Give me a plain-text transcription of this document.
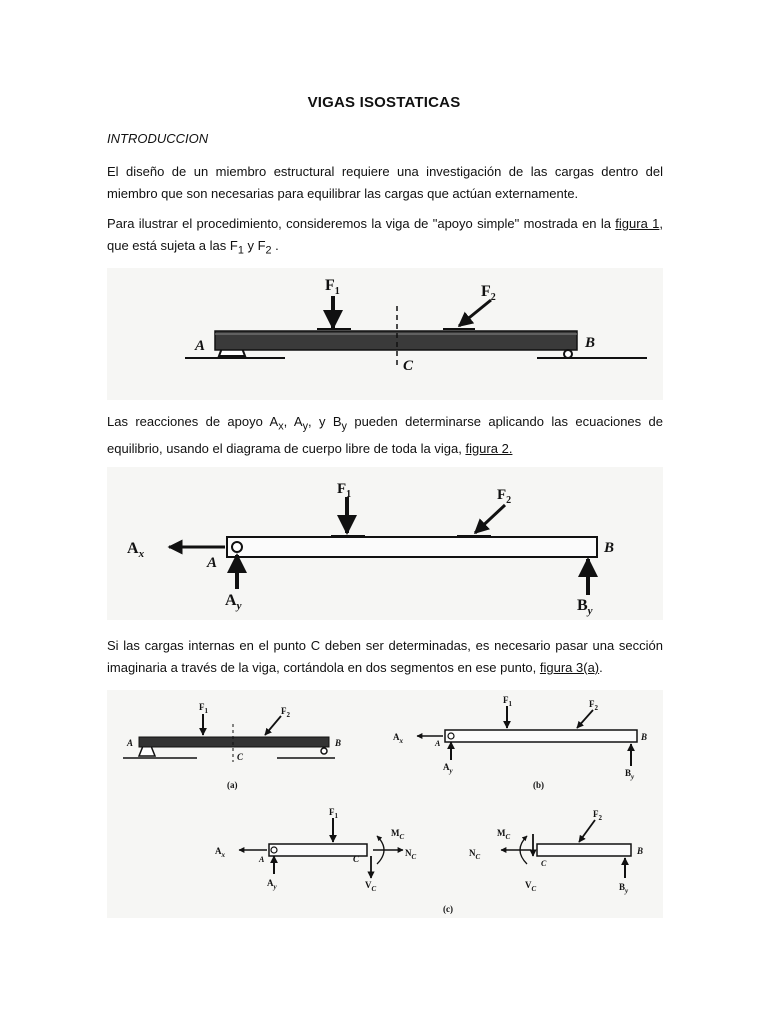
VIGAS ISOSTATICAS
INTRODUCCION
El diseño de un miembro estructural requiere una investigación de las cargas dentro del miembro que son necesarias para equilibrar las cargas que actúan externamente.
Para ilustrar el procedimiento, consideremos la viga de "apoyo simple" mostrada en la figura 1, que está sujeta a las $F_1$ y $F_2$ .
$F_1$	$F_2$
A	B
C
Las reacciones de apoyo $A_x$, $A_y$, y $B_y$ pueden determinarse aplicando las ecuaciones de equilibrio, usando el diagrama de cuerpo libre de toda la viga, figura 2.
$F_1$	$F_2$
$A_x$
A
$A_y$
B
$B_y$
Si las cargas internas en el punto C deben ser determinadas, es necesario pasar una sección imaginaria a través de la viga, cortándola en dos segmentos en ese punto, figura 3(a).
$F_1$	$F_2$
A	B
C
(a)
$F_1$	$F_2$
$A_x$	A
$A_y$
B
$B_y$
(b)
$F_1$
$A_x$	A
$A_y$
C
$M_C$
$N_C$
$V_C$
$F_2$
$M_C$
$N_C$
$V_C$
C
B
$B_y$
(c)
